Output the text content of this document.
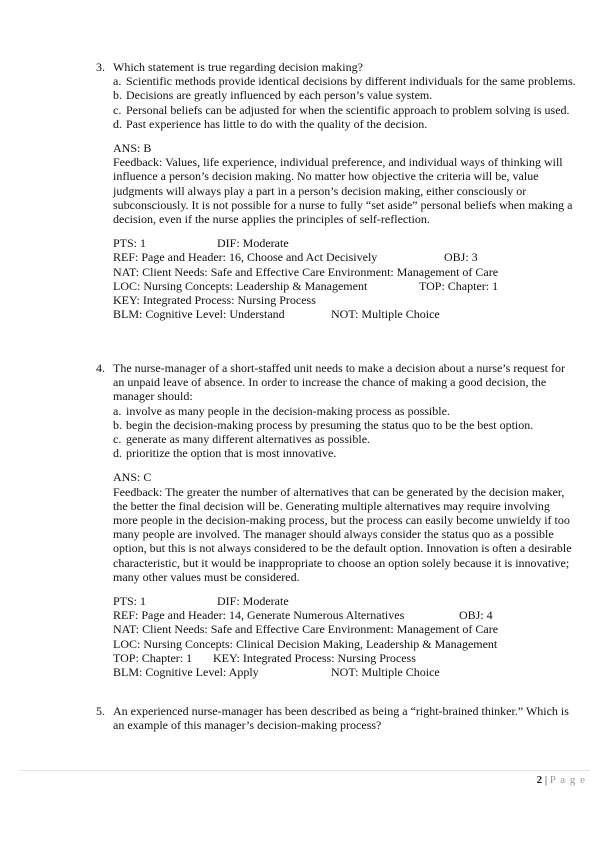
3. Which statement is true regarding decision making?
a. Scientific methods provide identical decisions by different individuals for the same problems.
b. Decisions are greatly influenced by each person’s value system.
c. Personal beliefs can be adjusted for when the scientific approach to problem solving is used.
d. Past experience has little to do with the quality of the decision.
ANS: B
Feedback: Values, life experience, individual preference, and individual ways of thinking will influence a person’s decision making. No matter how objective the criteria will be, value judgments will always play a part in a person’s decision making, either consciously or subconsciously. It is not possible for a nurse to fully “set aside” personal beliefs when making a decision, even if the nurse applies the principles of self-reflection.
PTS: 1	DIF: Moderate
REF: Page and Header: 16, Choose and Act Decisively	OBJ: 3
NAT: Client Needs: Safe and Effective Care Environment: Management of Care
LOC: Nursing Concepts: Leadership & Management	TOP: Chapter: 1
KEY: Integrated Process: Nursing Process
BLM: Cognitive Level: Understand	NOT: Multiple Choice
4. The nurse-manager of a short-staffed unit needs to make a decision about a nurse’s request for an unpaid leave of absence. In order to increase the chance of making a good decision, the manager should:
a. involve as many people in the decision-making process as possible.
b. begin the decision-making process by presuming the status quo to be the best option.
c. generate as many different alternatives as possible.
d. prioritize the option that is most innovative.
ANS: C
Feedback: The greater the number of alternatives that can be generated by the decision maker, the better the final decision will be. Generating multiple alternatives may require involving more people in the decision-making process, but the process can easily become unwieldy if too many people are involved. The manager should always consider the status quo as a possible option, but this is not always considered to be the default option. Innovation is often a desirable characteristic, but it would be inappropriate to choose an option solely because it is innovative; many other values must be considered.
PTS: 1	DIF: Moderate
REF: Page and Header: 14, Generate Numerous Alternatives	OBJ: 4
NAT: Client Needs: Safe and Effective Care Environment: Management of Care
LOC: Nursing Concepts: Clinical Decision Making, Leadership & Management
TOP: Chapter: 1 KEY: Integrated Process: Nursing Process
BLM: Cognitive Level: Apply	NOT: Multiple Choice
5. An experienced nurse-manager has been described as being a “right-brained thinker.” Which is an example of this manager’s decision-making process?
2 | P a g e
